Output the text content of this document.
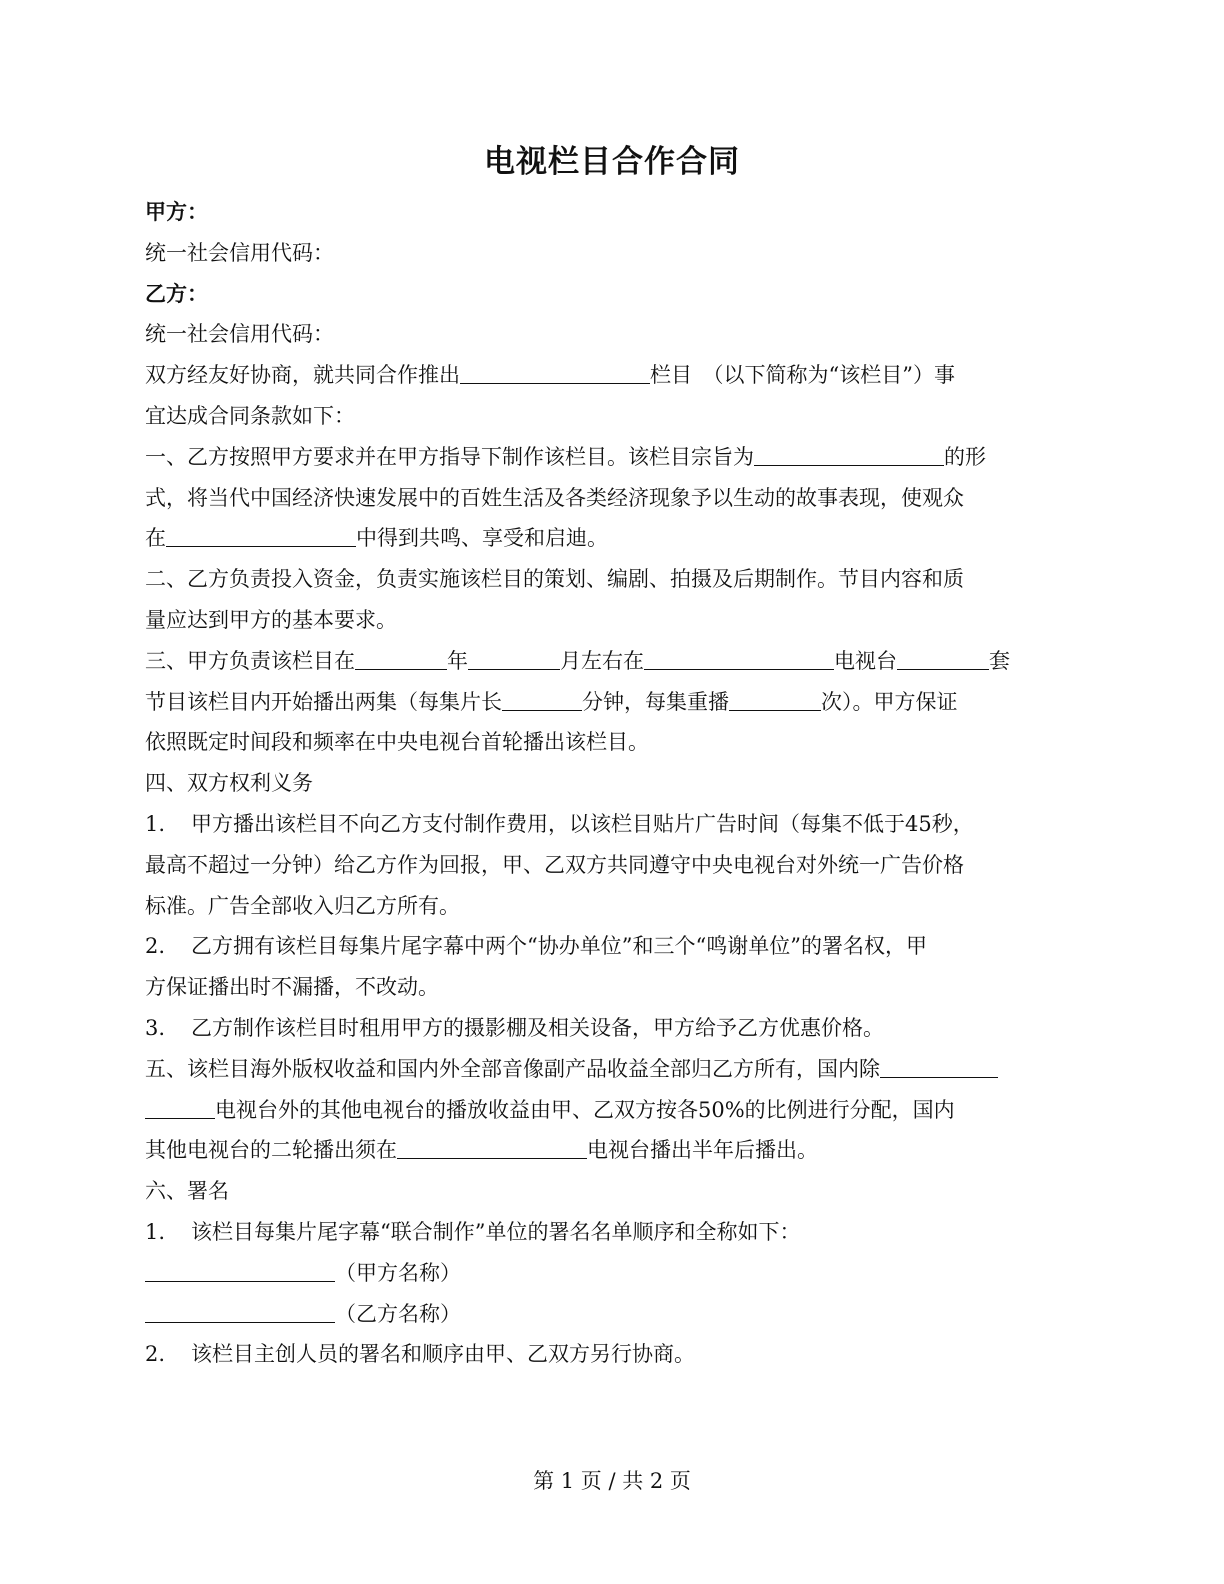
电视栏目合作合同

甲方：

统一社会信用代码：

乙方：

统一社会信用代码：

双方经友好协商，就共同合作推出	栏目　（以下简称为“该栏目”）事

宜达成合同条款如下：

一、乙方按照甲方要求并在甲方指导下制作该栏目。该栏目宗旨为	的形

式，将当代中国经济快速发展中的百姓生活及各类经济现象予以生动的故事表现，使观众

在	中得到共鸣、享受和启迪。

二、乙方负责投入资金，负责实施该栏目的策划、编剧、拍摄及后期制作。节目内容和质

量应达到甲方的基本要求。

三、甲方负责该栏目在	年	月左右在	电视台	套

节目该栏目内开始播出两集（每集片长	分钟，每集重播	次）。甲方保证

依照既定时间段和频率在中央电视台首轮播出该栏目。

四、双方权利义务

1. 甲方播出该栏目不向乙方支付制作费用，以该栏目贴片广告时间（每集不低于45秒，

最高不超过一分钟）给乙方作为回报，甲、乙双方共同遵守中央电视台对外统一广告价格

标准。广告全部收入归乙方所有。

2. 乙方拥有该栏目每集片尾字幕中两个“协办单位”和三个“鸣谢单位”的署名权，甲

方保证播出时不漏播，不改动。

3. 乙方制作该栏目时租用甲方的摄影棚及相关设备，甲方给予乙方优惠价格。

五、该栏目海外版权收益和国内外全部音像副产品收益全部归乙方所有，国内除

电视台外的其他电视台的播放收益由甲、乙双方按各50%的比例进行分配，国内

其他电视台的二轮播出须在	电视台播出半年后播出。

六、署名

1. 该栏目每集片尾字幕“联合制作”单位的署名名单顺序和全称如下：

（甲方名称）

（乙方名称）

2. 该栏目主创人员的署名和顺序由甲、乙双方另行协商。

第 1 页 / 共 2 页
